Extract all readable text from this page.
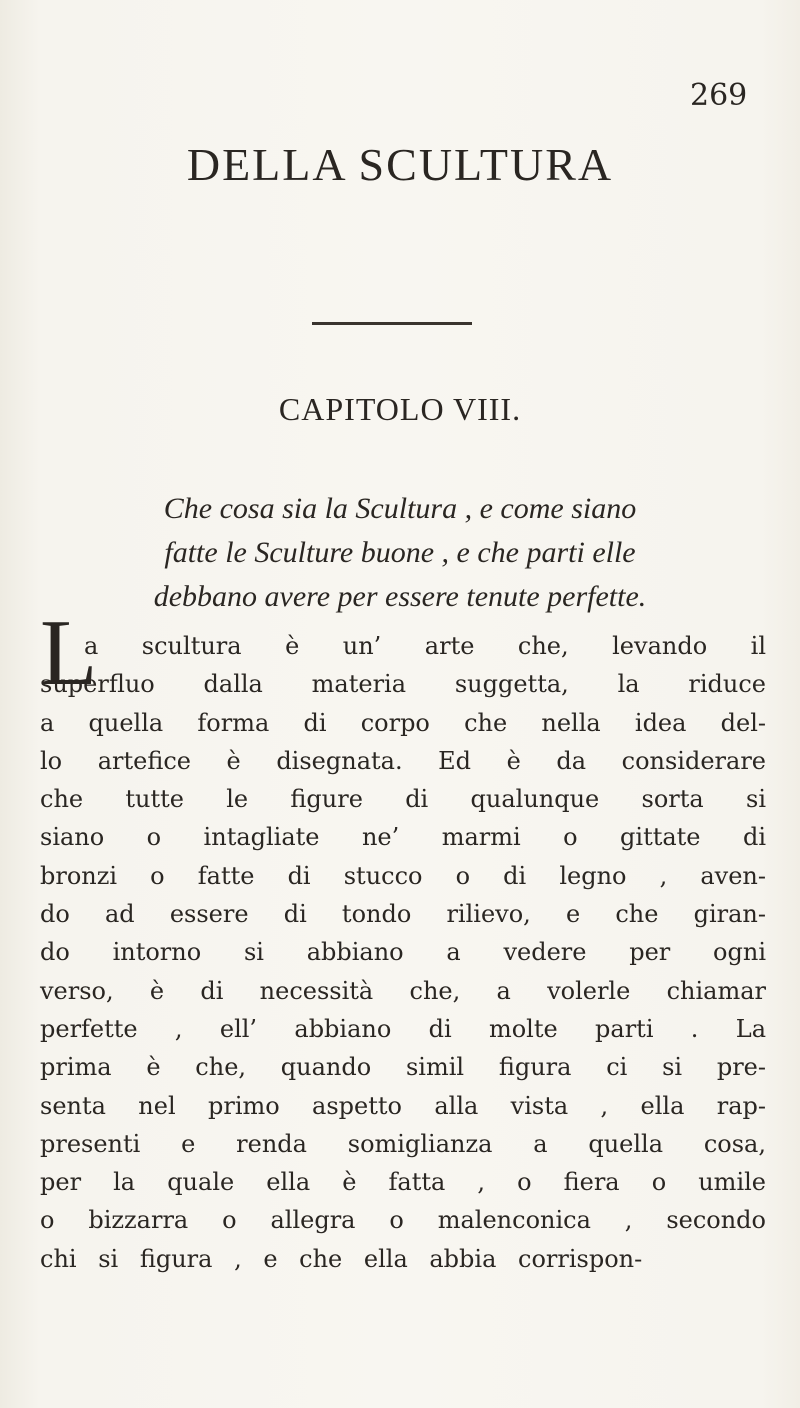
269
DELLA SCULTURA
CAPITOLO VIII.
Che cosa sia la Scultura , e come siano
fatte le Sculture buone , e che parti elle
debbano avere per essere tenute perfette.
L
a scultura è un’ arte che, levando il
superfluo dalla materia suggetta, la riduce
a quella forma di corpo che nella idea del-
lo artefice è disegnata. Ed è da considerare
che tutte le figure di qualunque sorta si
siano o intagliate ne’ marmi o gittate di
bronzi o fatte di stucco o di legno , aven-
do ad essere di tondo rilievo, e che giran-
do intorno si abbiano a vedere per ogni
verso, è di necessità che, a volerle chiamar
perfette , ell’ abbiano di molte parti . La
prima è che, quando simil figura ci si pre-
senta nel primo aspetto alla vista , ella rap-
presenti e renda somiglianza a quella cosa,
per la quale ella è fatta , o fiera o umile
o bizzarra o allegra o malenconica , secondo
chi si figura , e che ella abbia corrispon-
